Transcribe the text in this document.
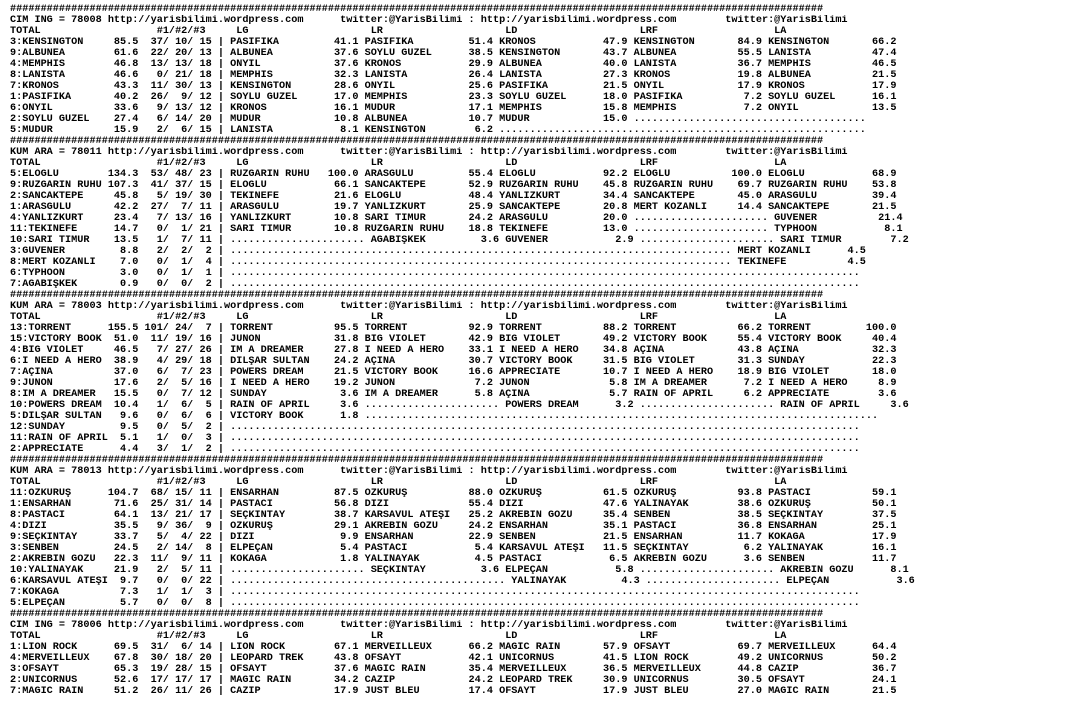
#####################################################################################################################################
CIM ING = 78008 http://yarisbilimi.wordpress.com      twitter:@YarisBilimi : http://yarisbilimi.wordpress.com        twitter:@YarisBilimi
TOTAL                   #1/#2/#3     LG                    LR                    LD                    LRF                   LA
3:KENSINGTON     85.5  37/ 10/ 15 | PASİFİKA         41.1 PASİFİKA         51.4 KRONOS           47.9 KENSINGTON       84.9 KENSINGTON       66.2
9:ALBUNEA        61.6  22/ 20/ 13 | ALBUNEA          37.6 SOYLU GÜZEL      38.5 KENSINGTON       43.7 ALBUNEA          55.5 LANISTA          47.4
4:MEMPHIS        46.8  13/ 13/ 18 | ONYIL            37.6 KRONOS           29.9 ALBUNEA          40.0 LANISTA          36.7 MEMPHIS          46.5
8:LANISTA        46.6   0/ 21/ 18 | MEMPHIS          32.3 LANISTA          26.4 LANISTA          27.3 KRONOS           19.8 ALBUNEA          21.5
7:KRONOS         43.3  11/ 30/ 13 | KENSINGTON       28.6 ONYIL            25.6 PASİFİKA         21.5 ONYIL            17.9 KRONOS           17.9
1:PASİFİKA       40.2  26/  9/ 12 | SOYLU GÜZEL      17.0 MEMPHIS          23.3 SOYLU GÜZEL      18.0 PASİFİKA          7.2 SOYLU GÜZEL      16.1
6:ONYIL          33.6   9/ 13/ 12 | KRONOS           16.1 MÜDÜR            17.1 MEMPHIS          15.8 MEMPHIS           7.2 ONYIL            13.5
2:SOYLU GÜZEL    27.4   6/ 14/ 20 | MÜDÜR            10.8 ALBUNEA          10.7 MÜDÜR            15.0 ......................................
5:MÜDÜR          15.9   2/  6/ 15 | LANISTA           8.1 KENSINGTON        6.2 ............................................................
#####################################################################################################################################
KUM ARA = 78011 http://yarisbilimi.wordpress.com      twitter:@YarisBilimi : http://yarisbilimi.wordpress.com        twitter:@YarisBilimi
TOTAL                   #1/#2/#3     LG                    LR                    LD                    LRF                   LA
5:ELOĞLU        134.3  53/ 48/ 23 | RÜZGARIN RUHU   100.0 ARASGÜLÜ         55.4 ELOĞLU           92.2 ELOĞLU          100.0 ELOĞLU           68.9
9:RÜZGARIN RUHU 107.3  41/ 37/ 15 | ELOĞLU           66.1 SANCAKTEPE       52.9 RÜZGARIN RUHU    45.8 RÜZGARIN RUHU    69.7 RÜZGARIN RUHU    53.8
2:SANCAKTEPE     45.8   5/ 19/ 30 | TEKİNEFE         21.6 ELOĞLU           48.4 YANLIZKURT       34.4 SANCAKTEPE       45.0 ARASGÜLÜ         39.4
1:ARASGÜLÜ       42.2  27/  7/ 11 | ARASGÜLÜ         19.7 YANLIZKURT       25.9 SANCAKTEPE       20.8 MERT KOZANLI     14.4 SANCAKTEPE       21.5
4:YANLIZKURT     23.4   7/ 13/ 16 | YANLIZKURT       10.8 SARI TİMUR       24.2 ARASGÜLÜ         20.0 ...................... GÜVENER          21.4
11:TEKİNEFE      14.7   0/  1/ 21 | SARI TİMUR       10.8 RÜZGARIN RUHU    18.8 TEKİNEFE         13.0 ...................... TYPHOON           8.1
10:SARI TİMUR    13.5   1/  7/ 11 | ...................... AĞABİŞKEK         3.6 GÜVENER           2.9 ...................... SARI TİMUR        7.2
3:GÜVENER         8.8   2/  2/  2 | .................................................................................. MERT KOZANLI      4.5
8:MERT KOZANLI    7.0   0/  1/  4 | .................................................................................. TEKİNEFE          4.5
6:TYPHOON         3.0   0/  1/  1 | .......................................................................................................
7:AĞABİŞKEK       0.9   0/  0/  2 | .......................................................................................................
#####################################################################################################################################
KUM ARA = 78003 http://yarisbilimi.wordpress.com      twitter:@YarisBilimi : http://yarisbilimi.wordpress.com        twitter:@YarisBilimi
TOTAL                   #1/#2/#3     LG                    LR                    LD                    LRF                   LA
13:TORRENT      155.5 101/ 24/  7 | TORRENT          95.5 TORRENT          92.9 TORRENT          88.2 TORRENT          66.2 TORRENT         100.0
15:VICTORY BOOK  51.0  11/ 19/ 16 | JUNON            31.8 BIG VIOLET       42.9 BIG VIOLET       49.2 VICTORY BOOK     55.4 VICTORY BOOK     40.4
4:BIG VIOLET     46.5   7/ 27/ 26 | IM A DREAMER     27.8 I NEED A HERO    33.1 I NEED A HERO    34.8 AÇINA            43.8 AÇINA            32.3
6:I NEED A HERO  38.9   4/ 29/ 18 | DİLŞAR SULTAN    24.2 AÇINA            30.7 VICTORY BOOK     31.5 BIG VIOLET       31.3 SUNDAY           22.3
7:AÇINA          37.0   6/  7/ 23 | POWERS DREAM     21.5 VICTORY BOOK     16.6 APPRECIATE       10.7 I NEED A HERO    18.9 BIG VIOLET       18.0
9:JUNON          17.6   2/  5/ 16 | I NEED A HERO    19.2 JUNON             7.2 JUNON             5.8 IM A DREAMER      7.2 I NEED A HERO     8.9
8:IM A DREAMER   15.5   0/  7/ 12 | SUNDAY            3.6 IM A DREAMER      5.8 AÇINA             5.7 RAIN OF APRIL     6.2 APPRECIATE        3.6
10:POWERS DREAM  10.4   1/  6/  5 | RAIN OF APRIL     3.6 ...................... POWERS DREAM      3.2 ...................... RAIN OF APRIL     3.6
5:DİLŞAR SULTAN   9.6   0/  6/  6 | VICTORY BOOK      1.8 ....................................................................................
12:SUNDAY         9.5   0/  5/  2 | .......................................................................................................
11:RAIN OF APRIL  5.1   1/  0/  3 | .......................................................................................................
2:APPRECIATE      4.4   3/  1/  2 | .......................................................................................................
#####################################################################################################################################
KUM ARA = 78013 http://yarisbilimi.wordpress.com      twitter:@YarisBilimi : http://yarisbilimi.wordpress.com        twitter:@YarisBilimi
TOTAL                   #1/#2/#3     LG                    LR                    LD                    LRF                   LA
11:ÖZKURUŞ      104.7  68/ 15/ 11 | ENSARHAN         87.5 ÖZKURUŞ          88.0 ÖZKURUŞ          61.5 ÖZKURUŞ          93.8 PASTACI          59.1
1:ENSARHAN       71.6  25/ 31/ 14 | PASTACI          56.8 DİZİ             55.4 DİZİ             47.6 YALINAYAK        38.6 ÖZKURUŞ          50.1
8:PASTACI        64.1  13/ 21/ 17 | SEÇKİNTAY        38.7 KARSAVUL ATEŞİ   25.2 AKREBİN GÖZÜ     35.4 SENBEN           38.5 SEÇKİNTAY        37.5
4:DİZİ           35.5   9/ 36/  9 | ÖZKURUŞ          29.1 AKREBİN GÖZÜ     24.2 ENSARHAN         35.1 PASTACI          36.8 ENSARHAN         25.1
9:SEÇKİNTAY      33.7   5/  4/ 22 | DİZİ              9.9 ENSARHAN         22.9 SENBEN           21.5 ENSARHAN         11.7 KÖKAĞA           17.9
3:SENBEN         24.5   2/ 14/  8 | ELPEÇAN           5.4 PASTACI           5.4 KARSAVUL ATEŞİ   11.5 SEÇKİNTAY         6.2 YALINAYAK        16.1
2:AKREBİN GÖZÜ   22.3  11/  9/ 11 | KÖKAĞA            1.8 YALINAYAK         4.5 PASTACI           6.5 AKREBİN GÖZÜ      3.6 SENBEN           11.7
10:YALINAYAK     21.9   2/  5/ 11 | ...................... SEÇKİNTAY         3.6 ELPEÇAN           5.8 ...................... AKREBİN GÖZÜ      8.1
6:KARSAVUL ATEŞİ  9.7   0/  0/ 22 | ............................................. YALINAYAK         4.3 ...................... ELPEÇAN           3.6
7:KÖKAĞA          7.3   1/  1/  3 | .......................................................................................................
5:ELPEÇAN         5.7   0/  0/  8 | .......................................................................................................
#####################################################################################################################################
CIM ING = 78006 http://yarisbilimi.wordpress.com      twitter:@YarisBilimi : http://yarisbilimi.wordpress.com        twitter:@YarisBilimi
TOTAL                   #1/#2/#3     LG                    LR                    LD                    LRF                   LA
1:LION ROCK      69.5  31/  6/ 14 | LION ROCK        67.1 MERVEILLEUX      66.2 MAGIC RAIN       57.9 OFSAYT           69.7 MERVEILLEUX      64.4
4:MERVEILLEUX    67.8  30/ 18/ 20 | LEOPARD TREK     43.8 OFSAYT           42.1 UNICORNUS        41.5 LION ROCK        49.2 UNICORNUS        50.2
3:OFSAYT         65.3  19/ 28/ 15 | OFSAYT           37.6 MAGIC RAIN       35.4 MERVEILLEUX      36.5 MERVEILLEUX      44.8 CAZIP            36.7
2:UNICORNUS      52.6  17/ 17/ 17 | MAGIC RAIN       34.2 CAZIP            24.2 LEOPARD TREK     30.9 UNICORNUS        30.5 OFSAYT           24.1
7:MAGIC RAIN     51.2  26/ 11/ 26 | CAZIP            17.9 JUST BLEU        17.4 OFSAYT           17.9 JUST BLEU        27.0 MAGIC RAIN       21.5
